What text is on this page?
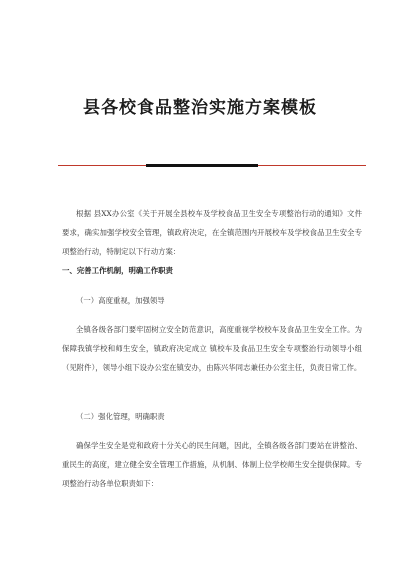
县各校食品整治实施方案模板

根据 县XX办公室《关于开展全县校车及学校食品卫生安全专项整治行动的通知》文件要求，确实加强学校安全管理，镇政府决定，在全镇范围内开展校车及学校食品卫生安全专项整治行动，特制定以下行动方案：

一、完善工作机制，明确工作职责

（一）高度重视，加强领导

全镇各级各部门要牢固树立安全防范意识，高度重视学校校车及食品卫生安全工作。为保障我镇学校和师生安全，镇政府决定成立 镇校车及食品卫生安全专项整治行动领导小组（见附件），领导小组下设办公室在镇安办，由陈兴华同志兼任办公室主任，负责日常工作。

（二）强化管理，明确职责

确保学生安全是党和政府十分关心的民生问题，因此，全镇各级各部门要站在讲整治、重民生的高度，建立健全安全管理工作措施，从机制、体制上位学校师生安全提供保障。专项整治行动各单位职责如下：
